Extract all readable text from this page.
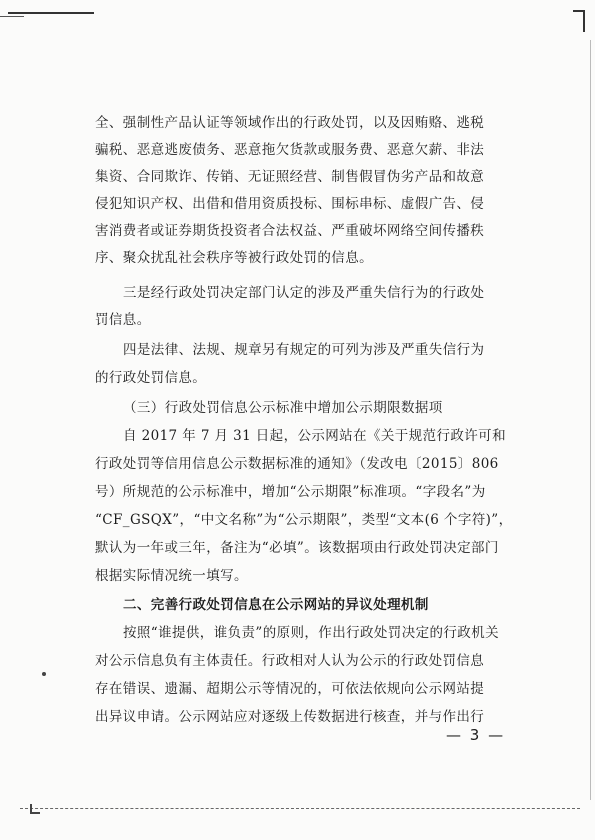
全、强制性产品认证等领域作出的行政处罚，以及因贿赂、逃税
骗税、恶意逃废债务、恶意拖欠货款或服务费、恶意欠薪、非法
集资、合同欺诈、传销、无证照经营、制售假冒伪劣产品和故意
侵犯知识产权、出借和借用资质投标、围标串标、虚假广告、侵
害消费者或证券期货投资者合法权益、严重破坏网络空间传播秩
序、聚众扰乱社会秩序等被行政处罚的信息。
三是经行政处罚决定部门认定的涉及严重失信行为的行政处
罚信息。
四是法律、法规、规章另有规定的可列为涉及严重失信行为
的行政处罚信息。
（三）行政处罚信息公示标准中增加公示期限数据项
自 2017 年 7 月 31 日起，公示网站在《关于规范行政许可和
行政处罚等信用信息公示数据标准的通知》（发改电〔2015〕806
号）所规范的公示标准中，增加“公示期限”标准项。“字段名”为
“CF_GSQX”，“中文名称”为“公示期限”，类型“文本(6 个字符)”，
默认为一年或三年，备注为“必填”。该数据项由行政处罚决定部门
根据实际情况统一填写。
二、完善行政处罚信息在公示网站的异议处理机制
按照“谁提供，谁负责”的原则，作出行政处罚决定的行政机关
对公示信息负有主体责任。行政相对人认为公示的行政处罚信息
存在错误、遗漏、超期公示等情况的，可依法依规向公示网站提
出异议申请。公示网站应对逐级上传数据进行核查，并与作出行
— 3 —
